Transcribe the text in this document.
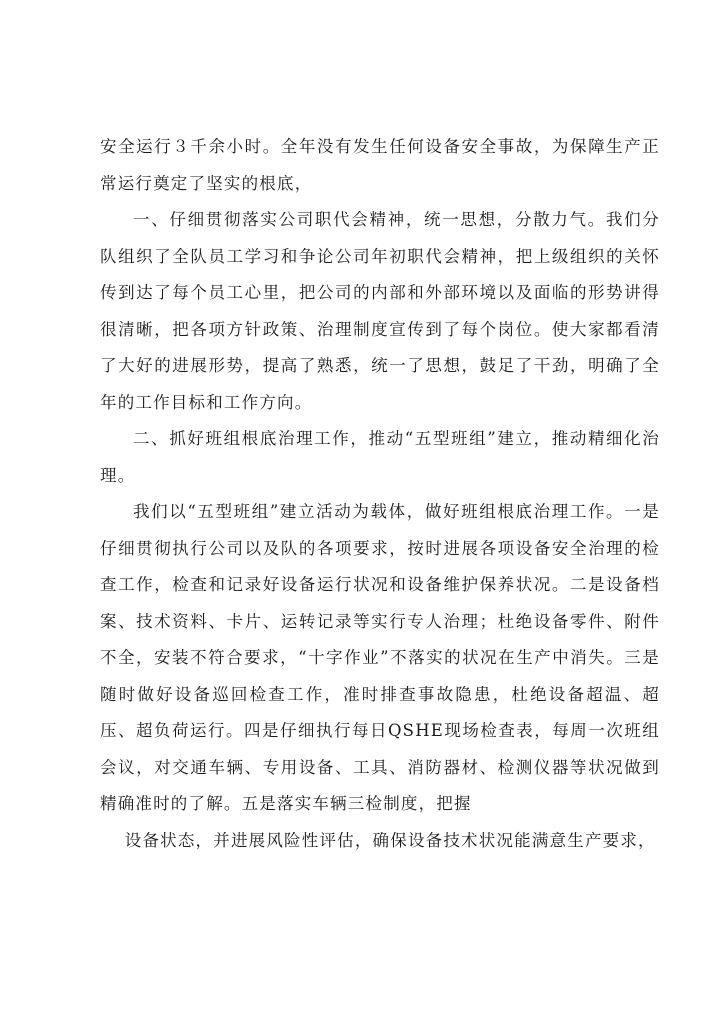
安全运行３千余小时。全年没有发生任何设备安全事故，为保障生产正常运行奠定了坚实的根底，

一、仔细贯彻落实公司职代会精神，统一思想，分散力气。我们分队组织了全队员工学习和争论公司年初职代会精神，把上级组织的关怀传到达了每个员工心里，把公司的内部和外部环境以及面临的形势讲得很清晰，把各项方针政策、治理制度宣传到了每个岗位。使大家都看清了大好的进展形势，提高了熟悉，统一了思想，鼓足了干劲，明确了全年的工作目标和工作方向。

二、抓好班组根底治理工作，推动“五型班组”建立，推动精细化治理。

我们以“五型班组”建立活动为载体，做好班组根底治理工作。一是仔细贯彻执行公司以及队的各项要求，按时进展各项设备安全治理的检查工作，检查和记录好设备运行状况和设备维护保养状况。二是设备档案、技术资料、卡片、运转记录等实行专人治理；杜绝设备零件、附件不全，安装不符合要求，“十字作业”不落实的状况在生产中消失。三是随时做好设备巡回检查工作，准时排查事故隐患，杜绝设备超温、超压、超负荷运行。四是仔细执行每日QSHE现场检查表，每周一次班组会议，对交通车辆、专用设备、工具、消防器材、检测仪器等状况做到精确准时的了解。五是落实车辆三检制度，把握

设备状态，并进展风险性评估，确保设备技术状况能满意生产要求，
